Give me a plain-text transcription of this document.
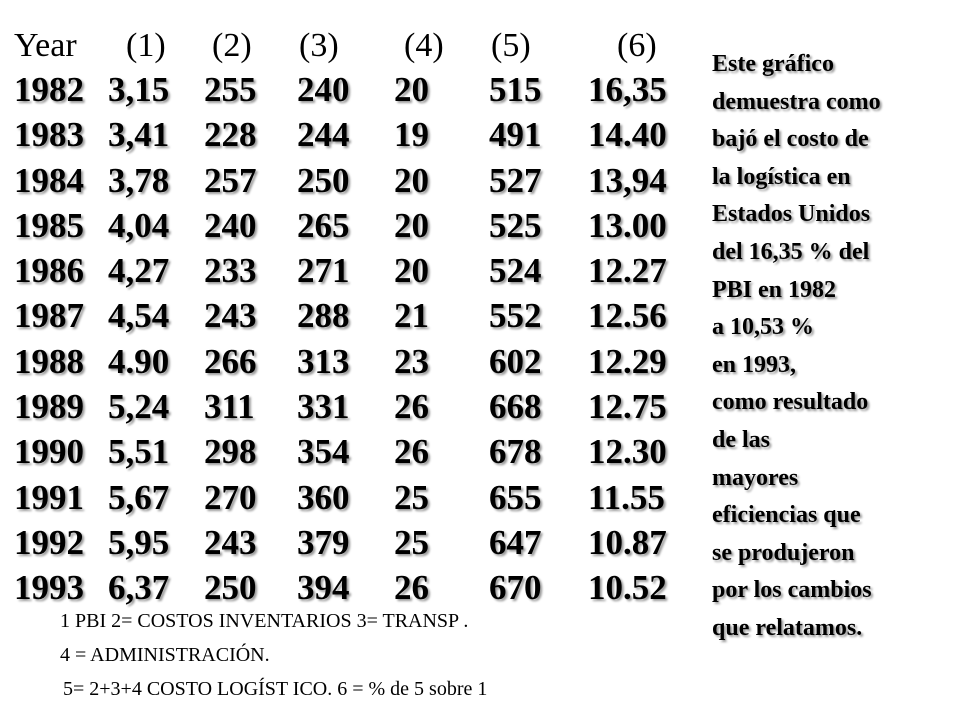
Year (1) (2) (3) (4) (5)	(6)
1982 3,15 255 240 20 515 16,35
1983 3,41 228 244 19 491 14.40
1984 3,78 257 250 20 527 13,94
1985 4,04 240 265 20 525 13.00
1986 4,27 233 271 20 524 12.27
1987 4,54 243 288 21 552 12.56
1988 4.90 266 313 23 602 12.29
1989 5,24 311 331 26 668 12.75
1990 5,51 298 354 26 678 12.30
1991 5,67 270 360 25 655 11.55
1992 5,95 243 379 25 647 10.87
1993 6,37 250 394 26 670 10.52
1 PBI 2= COSTOS INVENTARIOS 3= TRANSP .
4 = ADMINISTRACIÓN.
5= 2+3+4 COSTO LOGÍST ICO. 6 = % de 5 sobre 1
Este gráfico
demuestra como
bajó el costo de
la logística en
Estados Unidos
del 16,35 % del
PBI en 1982
a 10,53 %
en 1993,
como resultado
de las
mayores
eficiencias que
se produjeron
por los cambios
que relatamos.
